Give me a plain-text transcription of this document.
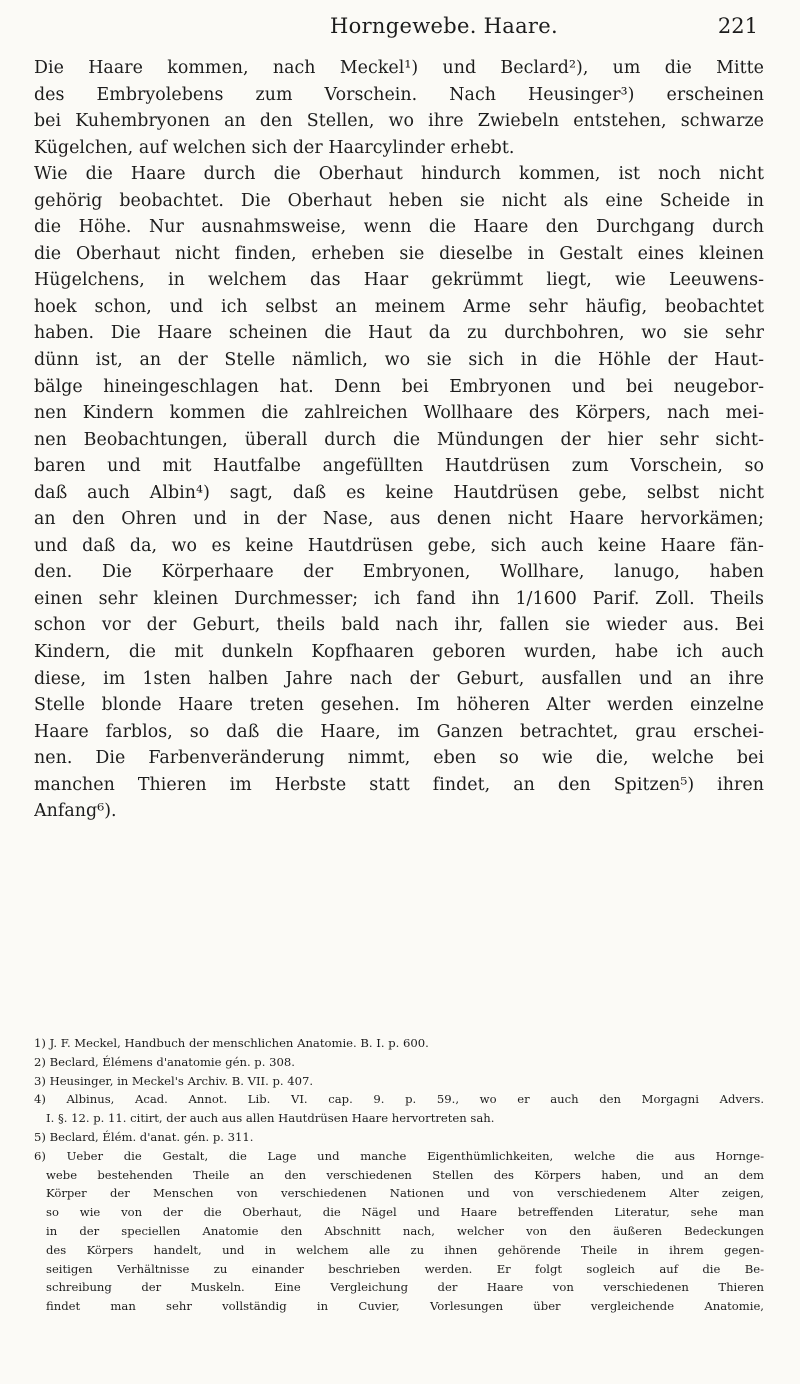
Horngewebe. Haare.	221
Die Haare kommen, nach Meckel¹) und Beclard²), um die Mitte
des Embryolebens zum Vorschein. Nach Heusinger³) erscheinen
bei Kuhembryonen an den Stellen, wo ihre Zwiebeln entstehen, schwarze
Kügelchen, auf welchen sich der Haarcylinder erhebt.
Wie die Haare durch die Oberhaut hindurch kommen, ist noch nicht
gehörig beobachtet. Die Oberhaut heben sie nicht als eine Scheide in
die Höhe. Nur ausnahmsweise, wenn die Haare den Durchgang durch
die Oberhaut nicht finden, erheben sie dieselbe in Gestalt eines kleinen
Hügelchens, in welchem das Haar gekrümmt liegt, wie Leeuwens-
hoek schon, und ich selbst an meinem Arme sehr häufig, beobachtet
haben. Die Haare scheinen die Haut da zu durchbohren, wo sie sehr
dünn ist, an der Stelle nämlich, wo sie sich in die Höhle der Haut-
bälge hineingeschlagen hat. Denn bei Embryonen und bei neugebor-
nen Kindern kommen die zahlreichen Wollhaare des Körpers, nach mei-
nen Beobachtungen, überall durch die Mündungen der hier sehr sicht-
baren und mit Hautfalbe angefüllten Hautdrüsen zum Vorschein, so
daß auch Albin⁴) sagt, daß es keine Hautdrüsen gebe, selbst nicht
an den Ohren und in der Nase, aus denen nicht Haare hervorkämen;
und daß da, wo es keine Hautdrüsen gebe, sich auch keine Haare fän-
den. Die Körperhaare der Embryonen, Wollhare, lanugo, haben
einen sehr kleinen Durchmesser; ich fand ihn 1/1600 Parif. Zoll. Theils
schon vor der Geburt, theils bald nach ihr, fallen sie wieder aus. Bei
Kindern, die mit dunkeln Kopfhaaren geboren wurden, habe ich auch
diese, im 1sten halben Jahre nach der Geburt, ausfallen und an ihre
Stelle blonde Haare treten gesehen. Im höheren Alter werden einzelne
Haare farblos, so daß die Haare, im Ganzen betrachtet, grau erschei-
nen. Die Farbenveränderung nimmt, eben so wie die, welche bei
manchen Thieren im Herbste statt findet, an den Spitzen⁵) ihren
Anfang⁶).
1) J. F. Meckel, Handbuch der menschlichen Anatomie. B. I. p. 600.
2) Beclard, Élémens d'anatomie gén. p. 308.
3) Heusinger, in Meckel's Archiv. B. VII. p. 407.
4) Albinus, Acad. Annot. Lib. VI. cap. 9. p. 59., wo er auch den Morgagni Advers.
I. §. 12. p. 11. citirt, der auch aus allen Hautdrüsen Haare hervortreten sah.
5) Beclard, Élém. d'anat. gén. p. 311.
6) Ueber die Gestalt, die Lage und manche Eigenthümlichkeiten, welche die aus Hornge-
webe bestehenden Theile an den verschiedenen Stellen des Körpers haben, und an dem
Körper der Menschen von verschiedenen Nationen und von verschiedenem Alter zeigen,
so wie von der die Oberhaut, die Nägel und Haare betreffenden Literatur, sehe man
in der speciellen Anatomie den Abschnitt nach, welcher von den äußeren Bedeckungen
des Körpers handelt, und in welchem alle zu ihnen gehörende Theile in ihrem gegen-
seitigen Verhältnisse zu einander beschrieben werden. Er folgt sogleich auf die Be-
schreibung der Muskeln. Eine Vergleichung der Haare von verschiedenen Thieren
findet man sehr vollständig in Cuvier, Vorlesungen über vergleichende Anatomie,
